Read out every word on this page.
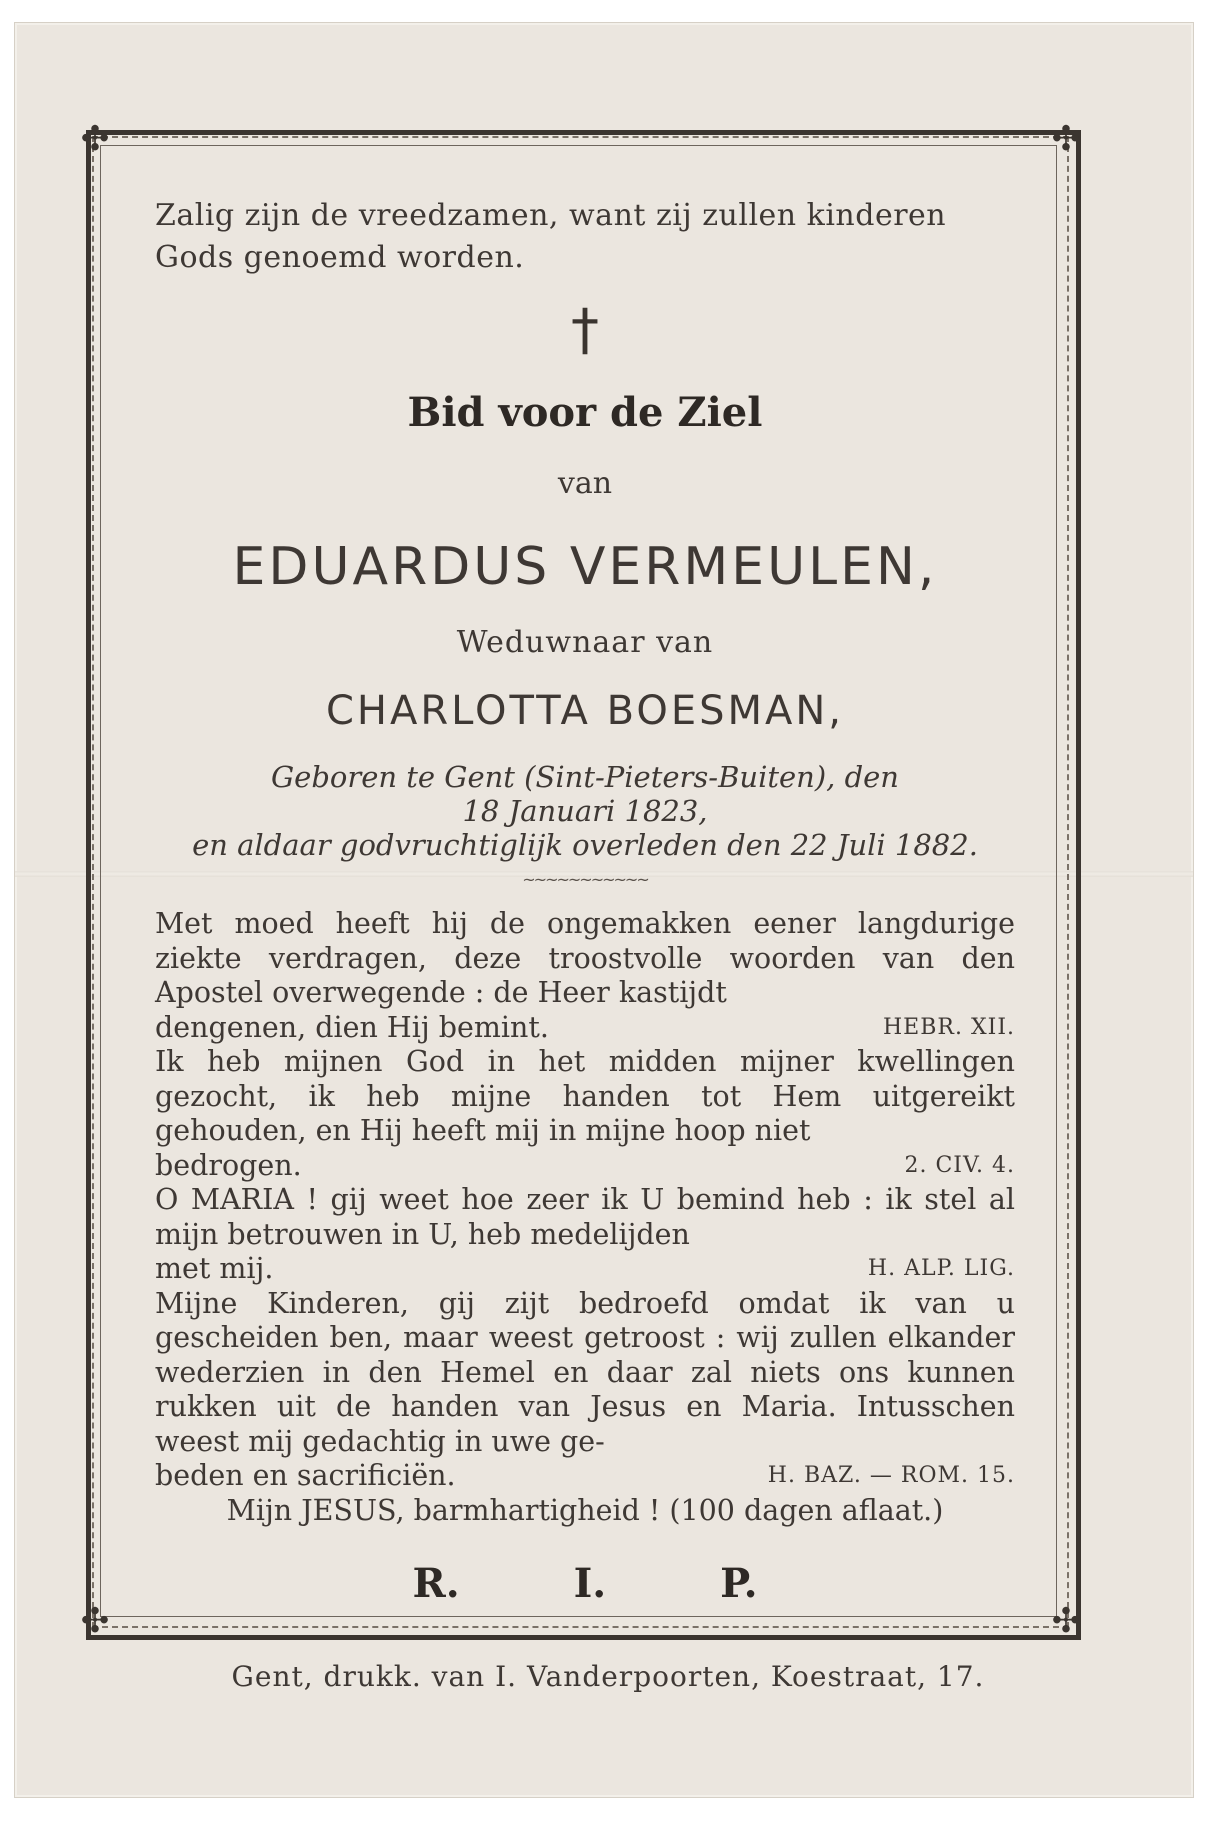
✣	✣
✣	✣

Zalig zijn de vreedzamen, want zij zullen kinderen

Gods genoemd worden.

†
Bid voor de Ziel
van
EDUARDUS VERMEULEN,
Weduwnaar van
CHARLOTTA BOESMAN,
Geboren te Gent (Sint-Pieters-Buiten), den
18 Januari 1823,
en aldaar godvruchtiglijk overleden den 22 Juli 1882.
~~~~~~~~~~~

Met moed heeft hij de ongemakken eener langdurige ziekte verdragen, deze troostvolle woorden van den Apostel overwegende : de Heer kastijdt

dengenen, dien Hij bemint.	HEBR. XII.

Ik heb mijnen God in het midden mijner kwellingen gezocht, ik heb mijne handen tot Hem uitgereikt gehouden, en Hij heeft mij in mijne hoop niet

bedrogen.	2. CIV. 4.

O MARIA ! gij weet hoe zeer ik U bemind heb : ik stel al mijn betrouwen in U, heb medelijden

met mij.	H. ALP. LIG.

Mijne Kinderen, gij zijt bedroefd omdat ik van u gescheiden ben, maar weest getroost : wij zullen elkander wederzien in den Hemel en daar zal niets ons kunnen rukken uit de handen van Jesus en Maria. Intusschen weest mij gedachtig in uwe ge-

beden en sacrificiën.	H. BAZ. — ROM. 15.

Mijn JESUS, barmhartigheid ! (100 dagen aflaat.)

R. I. P.
Gent, drukk. van I. Vanderpoorten, Koestraat, 17.
